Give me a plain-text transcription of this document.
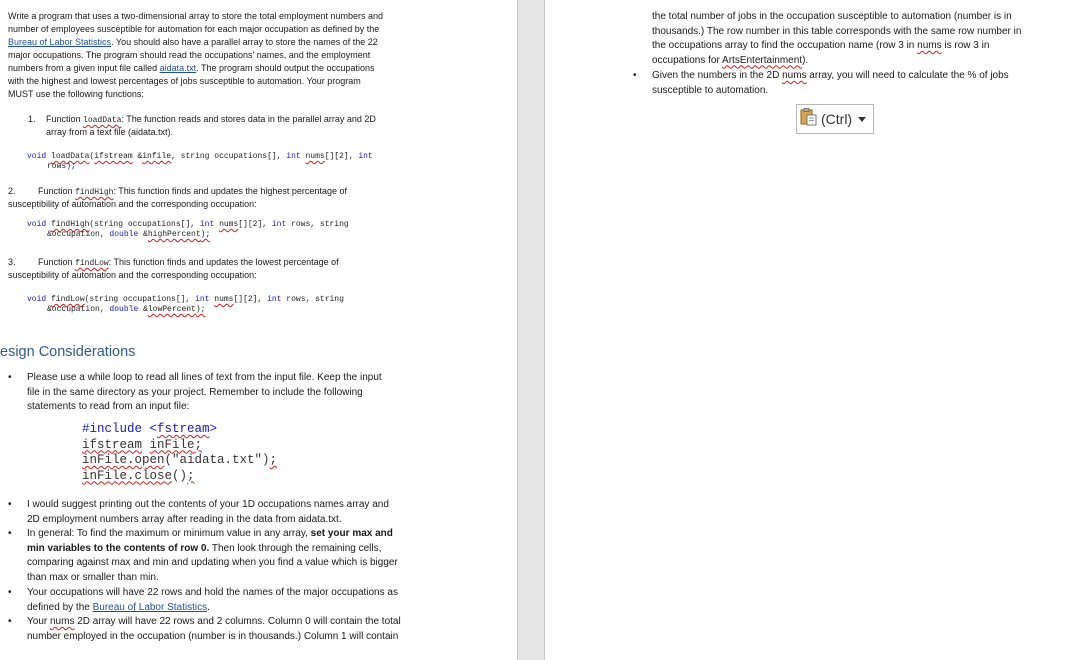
Write a program that uses a two-dimensional array to store the total employment numbers and
number of employees susceptible for automation for each major occupation as defined by the
Bureau of Labor Statistics. You should also have a parallel array to store the names of the 22
major occupations. The program should read the occupations' names, and the employment
numbers from a given input file called aidata.txt. The program should output the occupations
with the highest and lowest percentages of jobs susceptible to automation. Your program
MUST use the following functions:
1. Function loadData: The function reads and stores data in the parallel array and 2D
array from a text file (aidata.txt).
void loadData(ifstream &infile, string occupations[], int nums[][2], int
rows);
2.	Function findHigh: This function finds and updates the highest percentage of
susceptibility of automation and the corresponding occupation:
void findHigh(string occupations[], int nums[][2], int rows, string
&occupation, double &highPercent);
3.	Function findLow: This function finds and updates the lowest percentage of
susceptibility of automation and the corresponding occupation:
void findLow(string occupations[], int nums[][2], int rows, string
&occupation, double &lowPercent);
esign Considerations
• Please use a while loop to read all lines of text from the input file. Keep the input
file in the same directory as your project. Remember to include the following
statements to read from an input file:
#include <fstream>
ifstream inFile;
inFile.open("aidata.txt");
inFile.close();
• I would suggest printing out the contents of your 1D occupations names array and
2D employment numbers array after reading in the data from aidata.txt.
• In general: To find the maximum or minimum value in any array, set your max and
min variables to the contents of row 0. Then look through the remaining cells,
comparing against max and min and updating when you find a value which is bigger
than max or smaller than min.
• Your occupations will have 22 rows and hold the names of the major occupations as
defined by the Bureau of Labor Statistics.
• Your nums 2D array will have 22 rows and 2 columns. Column 0 will contain the total
number employed in the occupation (number is in thousands.) Column 1 will contain
the total number of jobs in the occupation susceptible to automation (number is in
thousands.) The row number in this table corresponds with the same row number in
the occupations array to find the occupation name (row 3 in nums is row 3 in
occupations for ArtsEntertainment).
• Given the numbers in the 2D nums array, you will need to calculate the % of jobs
susceptible to automation.
(Ctrl)
